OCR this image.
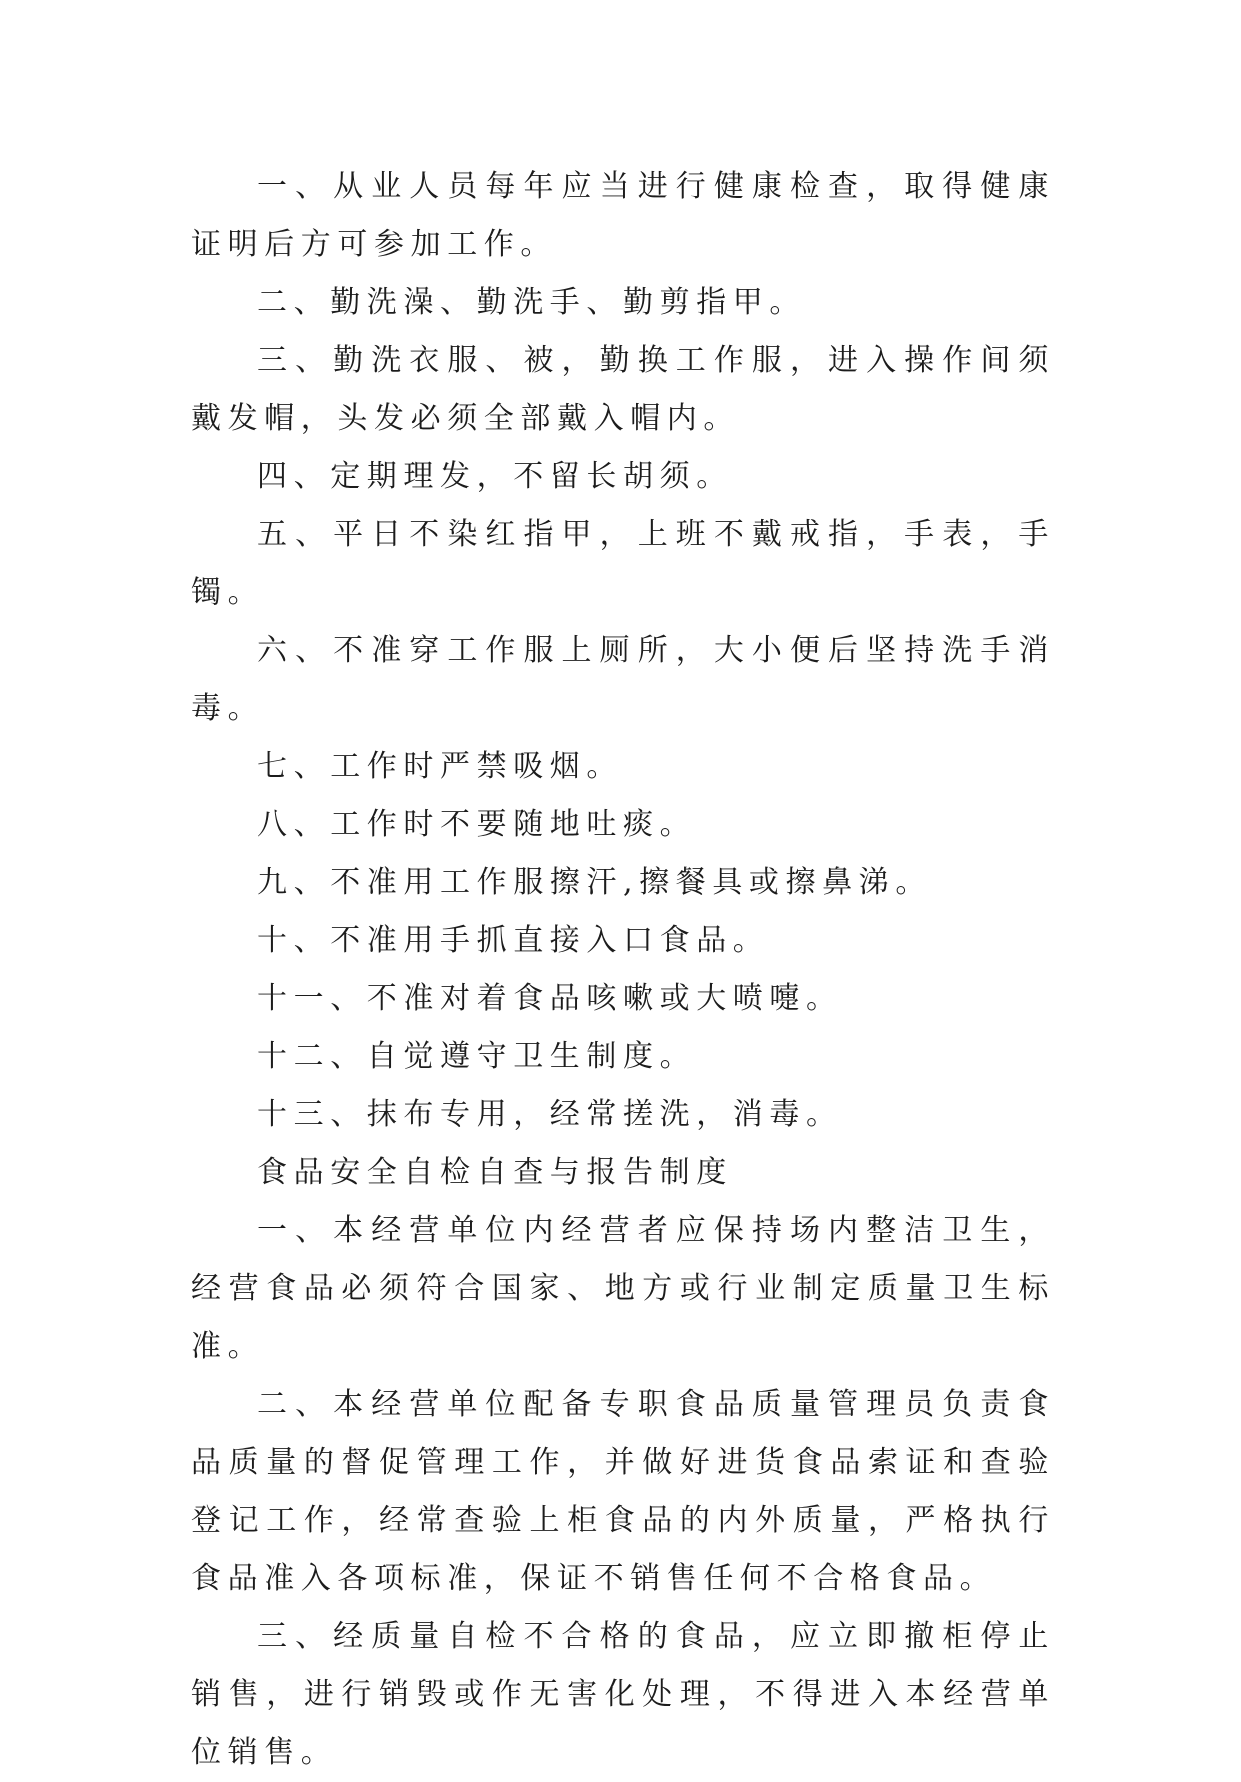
一、从业人员每年应当进行健康检查，取得健康证明后方可参加工作。

二、勤洗澡、勤洗手、勤剪指甲。

三、勤洗衣服、被，勤换工作服，进入操作间须戴发帽，头发必须全部戴入帽内。

四、定期理发，不留长胡须。

五、平日不染红指甲，上班不戴戒指，手表，手镯。

六、不准穿工作服上厕所，大小便后坚持洗手消毒。

七、工作时严禁吸烟。

八、工作时不要随地吐痰。

九、不准用工作服擦汗,擦餐具或擦鼻涕。

十、不准用手抓直接入口食品。

十一、不准对着食品咳嗽或大喷嚏。

十二、自觉遵守卫生制度。

十三、抹布专用，经常搓洗，消毒。

食品安全自检自查与报告制度

一、本经营单位内经营者应保持场内整洁卫生，经营食品必须符合国家、地方或行业制定质量卫生标准。

二、本经营单位配备专职食品质量管理员负责食品质量的督促管理工作，并做好进货食品索证和查验登记工作，经常查验上柜食品的内外质量，严格执行食品准入各项标准，保证不销售任何不合格食品。

三、经质量自检不合格的食品，应立即撤柜停止销售，进行销毁或作无害化处理，不得进入本经营单位销售。
